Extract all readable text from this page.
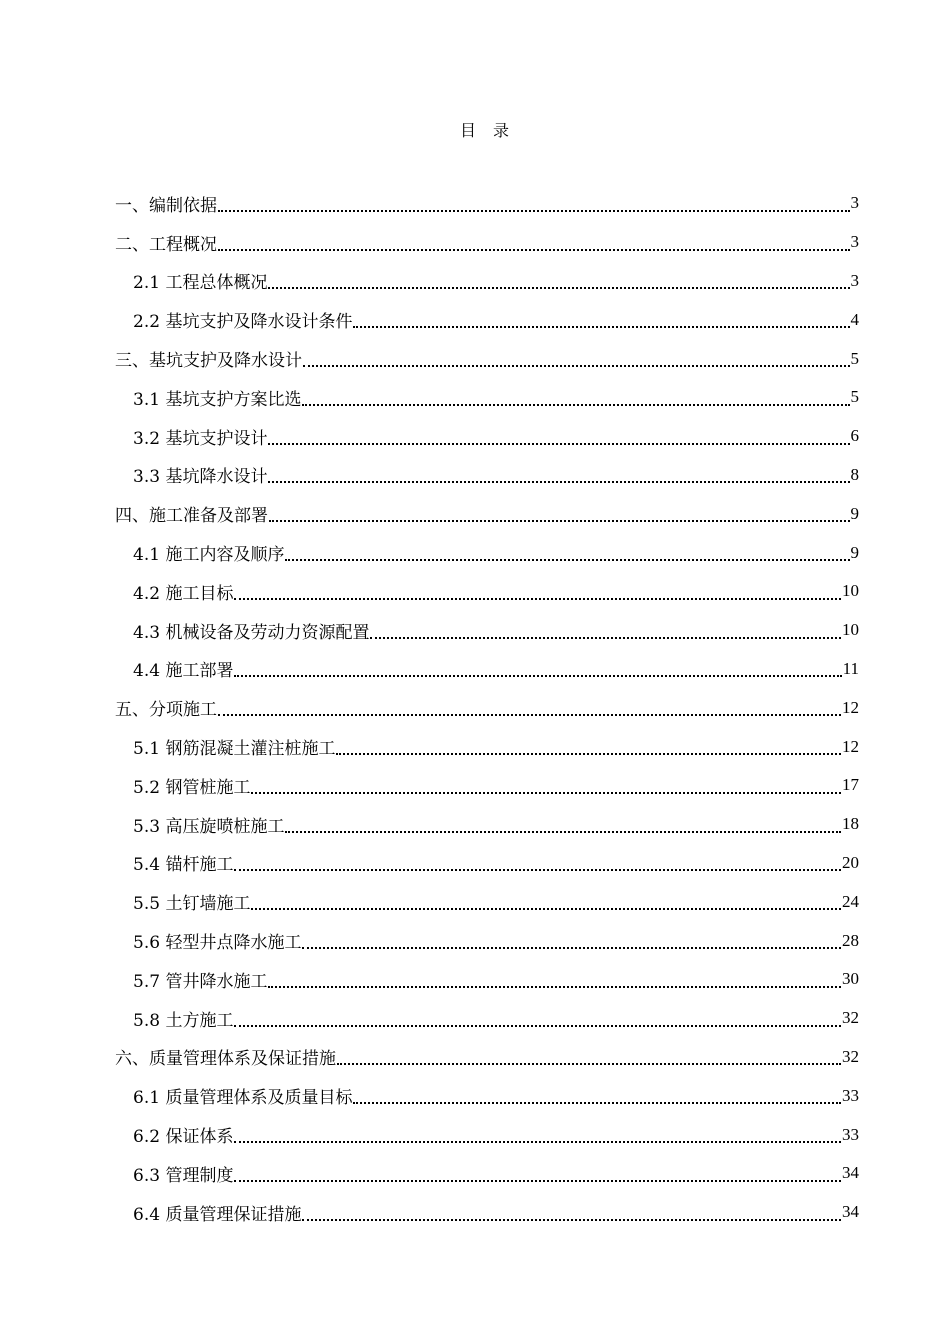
目 录
一、编制依据	3
二、工程概况	3
2.1 工程总体概况	3
2.2 基坑支护及降水设计条件	4
三、基坑支护及降水设计	5
3.1 基坑支护方案比选	5
3.2 基坑支护设计	6
3.3 基坑降水设计	8
四、施工准备及部署	9
4.1 施工内容及顺序	9
4.2 施工目标	10
4.3 机械设备及劳动力资源配置	10
4.4 施工部署	11
五、分项施工	12
5.1 钢筋混凝土灌注桩施工	12
5.2 钢管桩施工	17
5.3 高压旋喷桩施工	18
5.4 锚杆施工	20
5.5 土钉墙施工	24
5.6 轻型井点降水施工	28
5.7 管井降水施工	30
5.8 土方施工	32
六、质量管理体系及保证措施	32
6.1 质量管理体系及质量目标	33
6.2 保证体系	33
6.3 管理制度	34
6.4 质量管理保证措施	34
